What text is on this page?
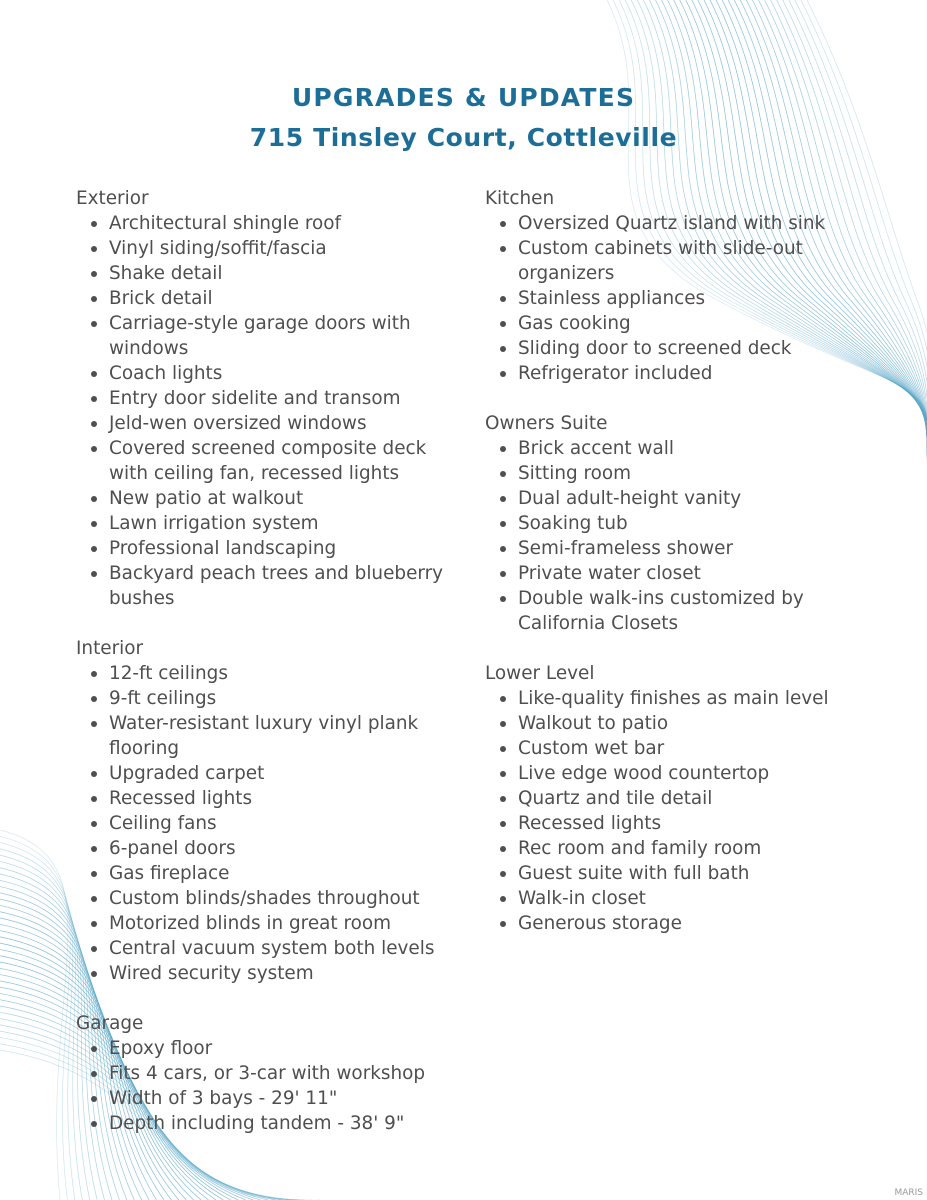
UPGRADES & UPDATES
715 Tinsley Court, Cottleville
Exterior
Architectural shingle roof
Vinyl siding/soffit/fascia
Shake detail
Brick detail
Carriage-style garage doors with windows
Coach lights
Entry door sidelite and transom
Jeld-wen oversized windows
Covered screened composite deck with ceiling fan, recessed lights
New patio at walkout
Lawn irrigation system
Professional landscaping
Backyard peach trees and blueberry bushes
Interior
12-ft ceilings
9-ft ceilings
Water-resistant luxury vinyl plank flooring
Upgraded carpet
Recessed lights
Ceiling fans
6-panel doors
Gas fireplace
Custom blinds/shades throughout
Motorized blinds in great room
Central vacuum system both levels
Wired security system
Garage
Epoxy floor
Fits 4 cars, or 3-car with workshop
Width of 3 bays - 29' 11"
Depth including tandem - 38' 9"
Kitchen
Oversized Quartz island with sink
Custom cabinets with slide-out organizers
Stainless appliances
Gas cooking
Sliding door to screened deck
Refrigerator included
Owners Suite
Brick accent wall
Sitting room
Dual adult-height vanity
Soaking tub
Semi-frameless shower
Private water closet
Double walk-ins customized by California Closets
Lower Level
Like-quality finishes as main level
Walkout to patio
Custom wet bar
Live edge wood countertop
Quartz and tile detail
Recessed lights
Rec room and family room
Guest suite with full bath
Walk-in closet
Generous storage
MARIS
